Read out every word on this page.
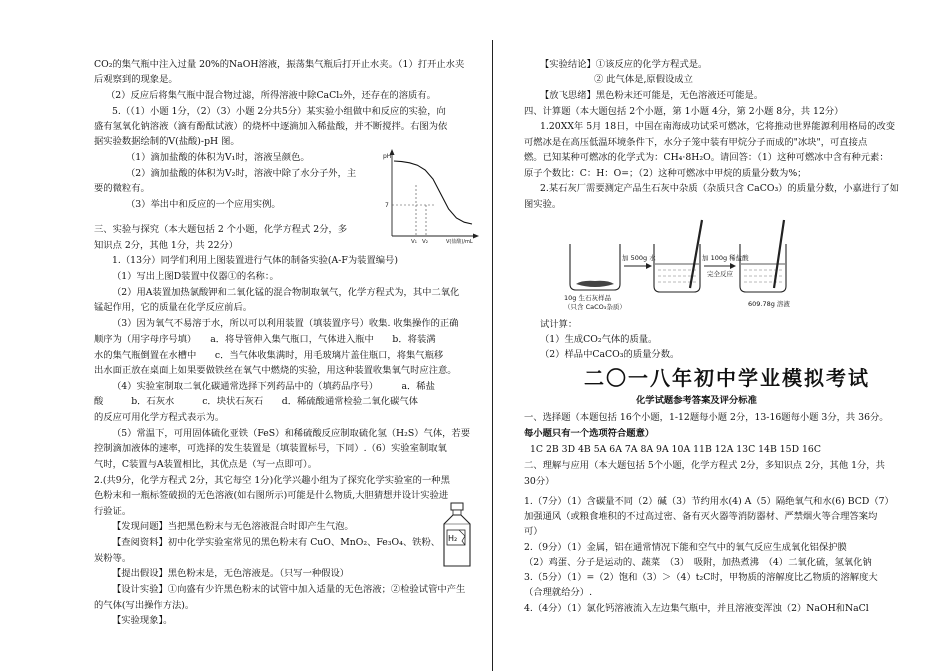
CO₂的集气瓶中注入过量 20%的NaOH溶液，振荡集气瓶后打开止水夹。（1）打开止水夹
后观察到的现象是。
（2）反应后将集气瓶中混合物过滤，所得溶液中除CaCl₂外，还存在的溶质有。
5.（（1）小题 1分，（2）（3）小题 2分共5分）某实验小组做中和反应的实验，向
盛有氢氧化钠溶液（滴有酚酞试液）的烧杯中逐滴加入稀盐酸，并不断搅拌。右图为依
据实验数据绘制的V(盐酸)-pH 图。
（1）滴加盐酸的体积为V₁时，溶液呈颜色。
（2）滴加盐酸的体积为V₂时，溶液中除了水分子外，主
要的微粒有。
（3）举出中和反应的一个应用实例。
三、实验与探究（本大题包括 2 个小题，化学方程式 2分，多
知识点 2分，其他 1分，共 22分）
1.（13分）同学们利用上图装置进行气体的制备实验(A-F为装置编号)
（1）写出上图D装置中仪器①的名称：。
（2）用A装置加热氯酸钾和二氧化锰的混合物制取氧气，化学方程式为，其中二氧化
锰起作用，它的质量在化学反应前后。
（3）因为氧气不易溶于水，所以可以利用装置（填装置序号）收集. 收集操作的正确
顺序为（用字母序号填）　　a．将导管伸入集气瓶口，气体进入瓶中　　b．将装满
水的集气瓶倒置在水槽中　　c．当气体收集满时，用毛玻璃片盖住瓶口，将集气瓶移
出水面正放在桌面上如果要做铁丝在氧气中燃烧的实验，用这种装置收集氧气时应注意。
（4）实验室制取二氧化碳通常选择下列药品中的（填药品序号）　　　a．稀盐
酸　　　b．石灰水　　　c．块状石灰石　　d．稀硫酸通常检验二氧化碳气体
的反应可用化学方程式表示为。
（5）常温下，可用固体硫化亚铁（FeS）和稀硫酸反应制取硫化氢（H₂S）气体，若要
控制滴加液体的速率，可选择的发生装置是（填装置标号，下同）.（6）实验室制取氧
气时，C装置与A装置相比，其优点是（写一点即可）。
2.(共9分，化学方程式 2分，其它每空 1分)化学兴趣小组为了探究化学实验室的一种黑
色粉末和一瓶标签破损的无色溶液(如右图所示)可能是什么物质,大胆猜想并设计实验进
行验证。
【发现问题】当把黑色粉末与无色溶液混合时即产生气泡。
【查阅资料】初中化学实验室常见的黑色粉末有 CuO、MnO₂、Fe₃O₄、铁粉、
炭粉等。
【提出假设】黑色粉末是，无色溶液是。（只写一种假设）
【设计实验】①向盛有少许黑色粉末的试管中加入适量的无色溶液；②检验试管中产生
的气体(写出操作方法)。
【实验现象】。
pH
7
V₁ V₂	V(盐酸)/mL
H₂
【实验结论】①该反应的化学方程式是。
② 此气体是,原假设成立
【放飞思绪】黑色粉末还可能是，无色溶液还可能是。
四、计算题（本大题包括 2个小题，第 1小题 4分，第 2小题 8分，共 12分）
1.20XX年 5月 18日，中国在南海成功试采可燃冰，它将推动世界能源利用格局的改变
可燃冰是在高压低温环境条件下，水分子笼中装有甲烷分子而成的"冰块"，可直接点
燃。已知某种可燃冰的化学式为：CH₄·8H₂O。请回答：（1）这种可燃冰中含有种元素：
原子个数比：C：H：O=；（2）这种可燃冰中甲烷的质量分数为%；
2.某石灰厂需要测定产品生石灰中杂质（杂质只含 CaCO₃）的质量分数，小嘉进行了如
图实验。
10g 生石灰样品
（只含 CaCO₃杂质）
加 500g 水	加 100g 稀盐酸
完全反应
609.78g 溶液
试计算：
（1）生成CO₂气体的质量。
（2）样品中CaCO₃的质量分数。
二〇一八年初中学业模拟考试
化学试题参考答案及评分标准
一、选择题（本题包括 16个小题，1-12题每小题 2分，13-16题每小题 3分，共 36分。
每小题只有一个选项符合题意）
1C 2B 3D 4B 5A 6A 7A 8A 9A 10A 11B 12A 13C 14B 15D 16C
二、理解与应用（本大题包括 5个小题，化学方程式 2分，多知识点 2分，其他 1分，共
30分）
1.（7分）（1）含碳量不同（2）碱（3）节约用水(4) A（5）隔绝氧气和水(6) BCD（7）
加强通风（或粮食堆积的不过高过密、备有灭火器等消防器材、严禁烟火等合理答案均
可）
2.（9分）（1）金属，铝在通常情况下能和空气中的氧气反应生成氧化铝保护膜
（2）鸡蛋、分子是运动的、蔬菜　（3）　吸附，加热煮沸　（4）二氧化硫，氢氧化钠
3.（5分）（1）=（2）饱和（3）＞（4）t₂C时，甲物质的溶解度比乙物质的溶解度大
（合理就给分）.
4.（4分）（1）氯化钙溶液流入左边集气瓶中，并且溶液变浑浊（2）NaOH和NaCl
